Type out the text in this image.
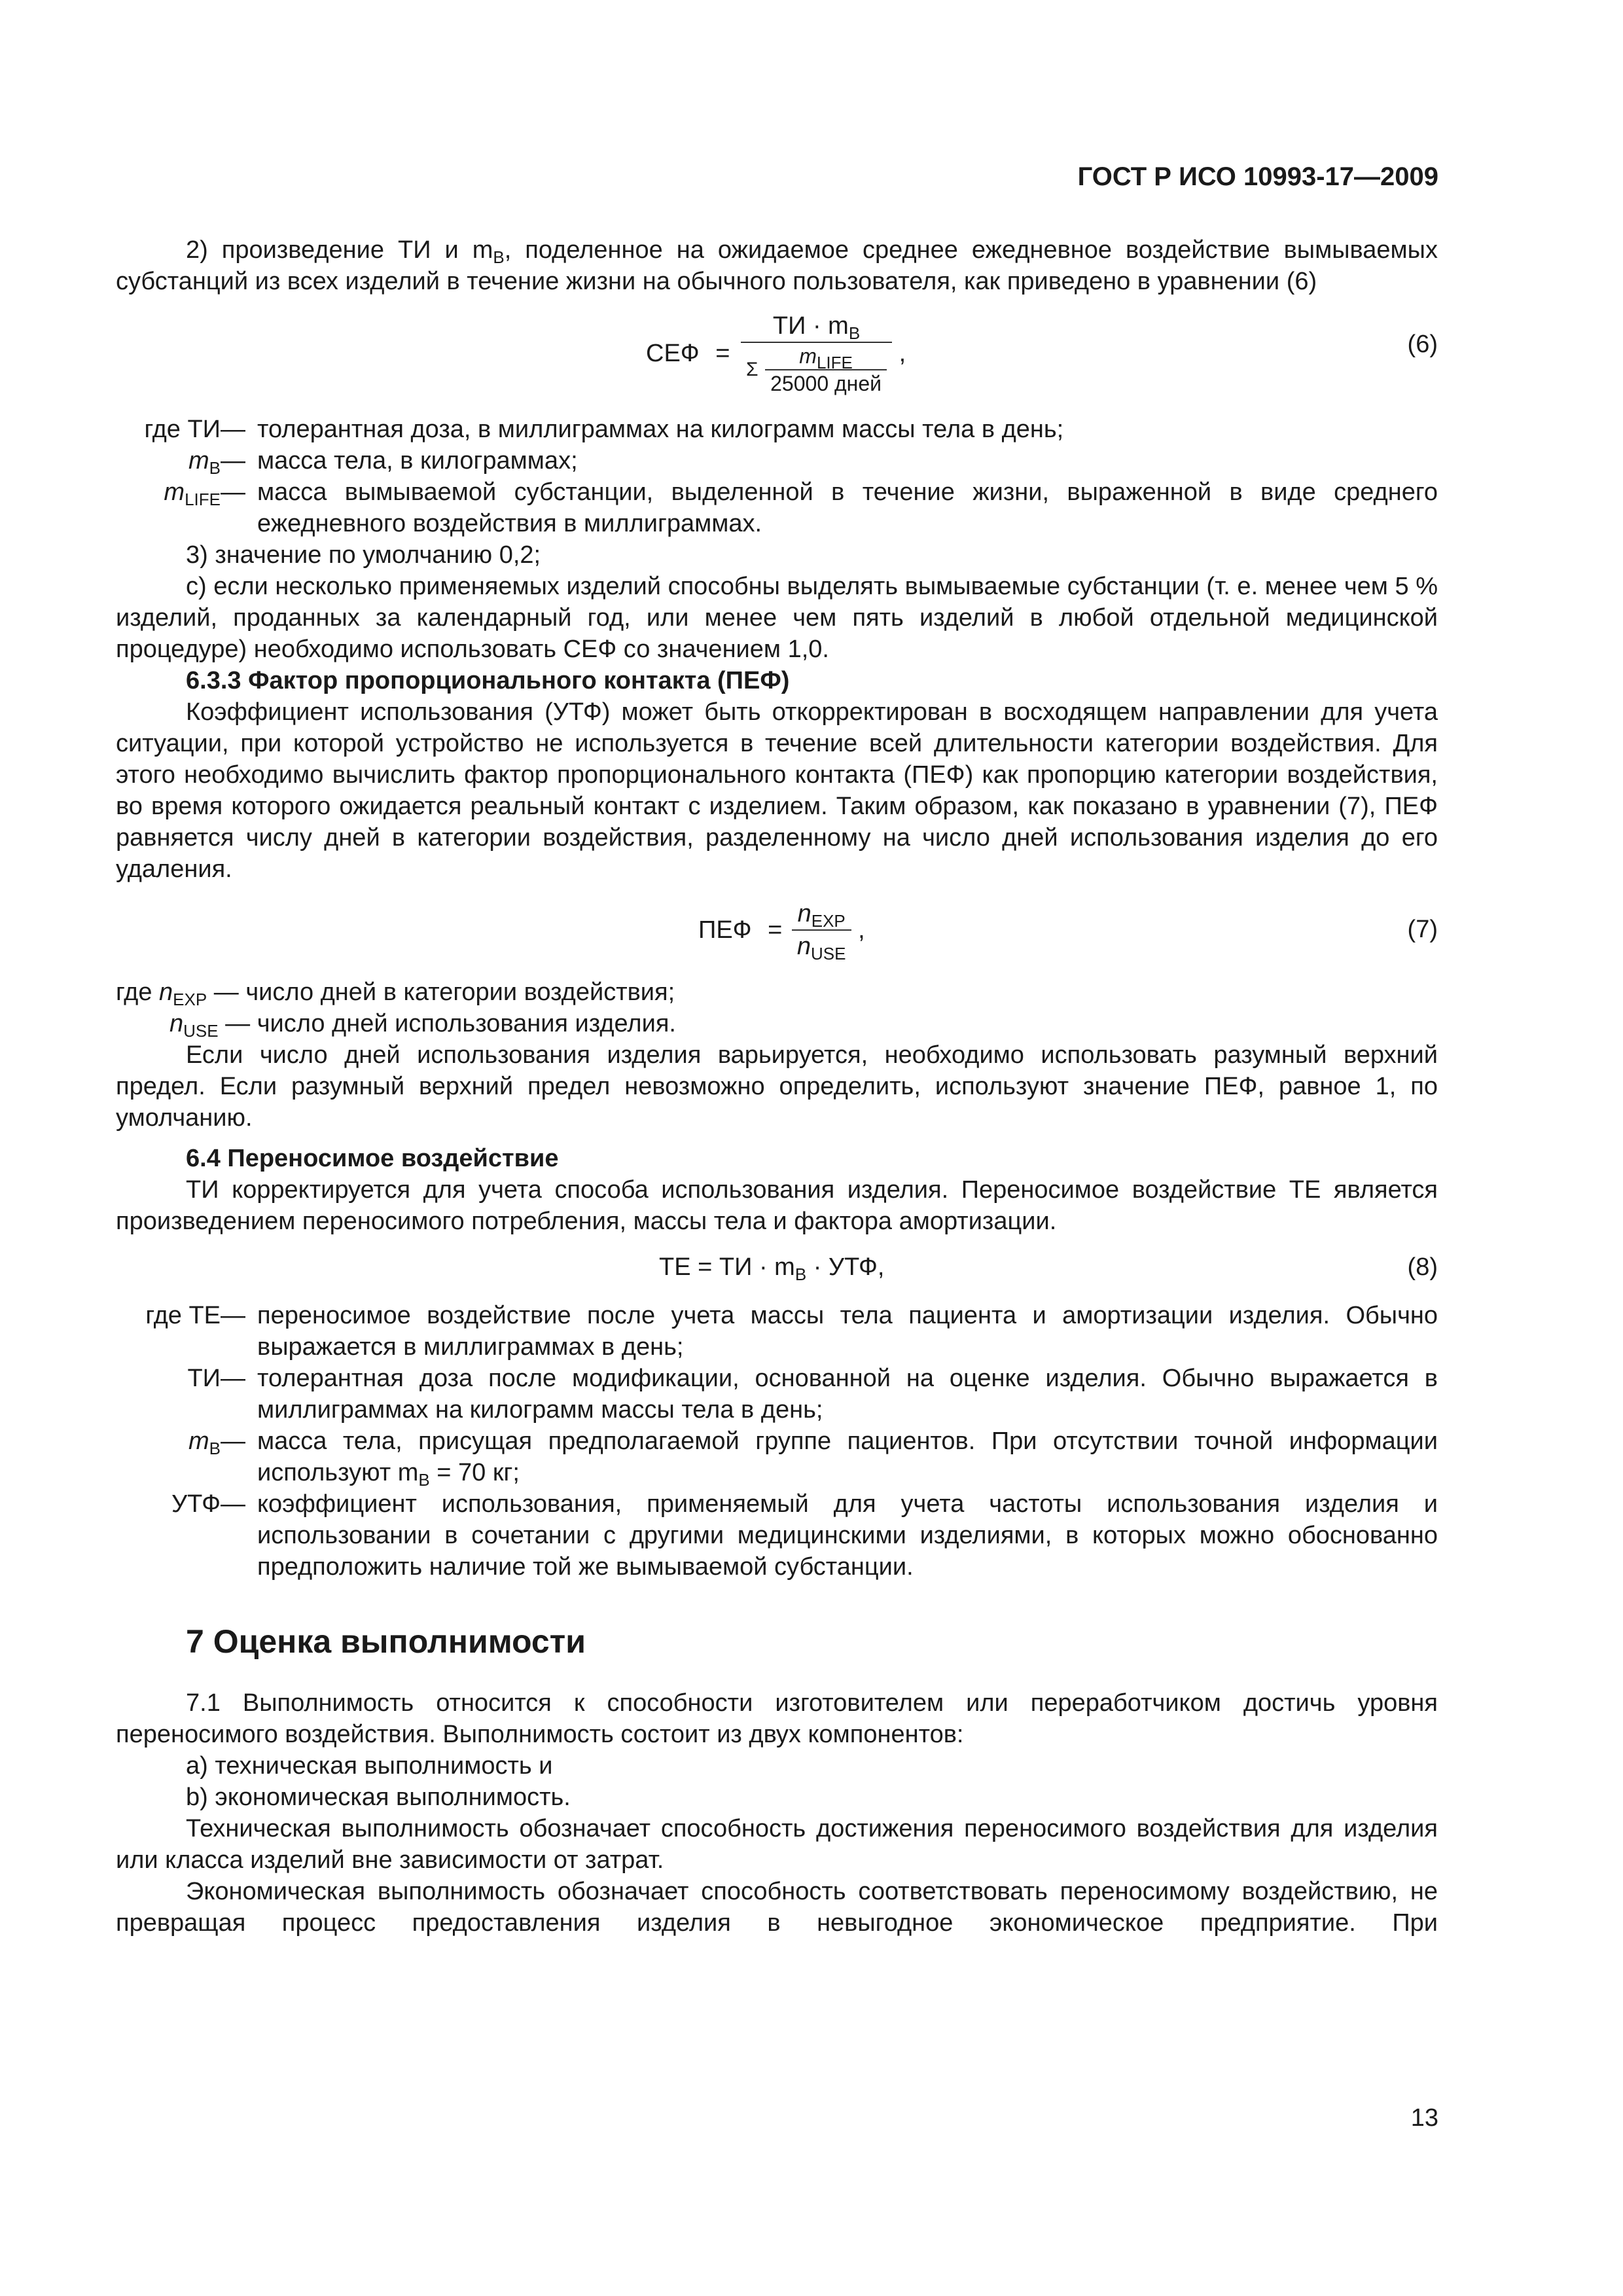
ГОСТ Р ИСО 10993-17—2009

2) произведение ТИ и $m_B$, поделенное на ожидаемое среднее ежедневное воздействие вымываемых субстанций из всех изделий в течение жизни на обычного пользователя, как приведено в уравнении (6)

СЕФ = $\frac{ТИ \cdot m_B}{\Sigma \frac{m_{LIFE}}{\text{25000 дней}}}$ ,	(6)
где ТИ	—	толерантная доза, в миллиграммах на килограмм массы тела в день;
$m_B$	—	масса тела, в килограммах;
$m_{LIFE}$	—	масса вымываемой субстанции, выделенной в течение жизни, выраженной в виде среднего ежедневного воздействия в миллиграммах.

3) значение по умолчанию 0,2;

с) если несколько применяемых изделий способны выделять вымываемые субстанции (т. е. менее чем 5 % изделий, проданных за календарный год, или менее чем пять изделий в любой отдельной медицинской процедуре) необходимо использовать СЕФ со значением 1,0.

6.3.3 Фактор пропорционального контакта (ПЕФ)

Коэффициент использования (УТФ) может быть откорректирован в восходящем направлении для учета ситуации, при которой устройство не используется в течение всей длительности категории воздействия. Для этого необходимо вычислить фактор пропорционального контакта (ПЕФ) как пропорцию категории воздействия, во время которого ожидается реальный контакт с изделием. Таким образом, как показано в уравнении (7), ПЕФ равняется числу дней в категории воздействия, разделенному на число дней использования изделия до его удаления.

ПЕФ = $\frac{n_{EXP}}{n_{USE}}$ ,	(7)

где $n_{EXP}$ — число дней в категории воздействия;

$n_{USE}$ — число дней использования изделия.

Если число дней использования изделия варьируется, необходимо использовать разумный верхний предел. Если разумный верхний предел невозможно определить, используют значение ПЕФ, равное 1, по умолчанию.

6.4 Переносимое воздействие

ТИ корректируется для учета способа использования изделия. Переносимое воздействие ТЕ является произведением переносимого потребления, массы тела и фактора амортизации.

ТЕ = ТИ · $m_B$ · УТФ,	(8)
где ТЕ	—	переносимое воздействие после учета массы тела пациента и амортизации изделия. Обычно выражается в миллиграммах в день;
ТИ	—	толерантная доза после модификации, основанной на оценке изделия. Обычно выражается в миллиграммах на килограмм массы тела в день;
$m_B$	—	масса тела, присущая предполагаемой группе пациентов. При отсутствии точной информации используют $m_B = 70$ кг;
УТФ	—	коэффициент использования, применяемый для учета частоты использования изделия и использовании в сочетании с другими медицинскими изделиями, в которых можно обоснованно предположить наличие той же вымываемой субстанции.

7 Оценка выполнимости

7.1 Выполнимость относится к способности изготовителем или переработчиком достичь уровня переносимого воздействия. Выполнимость состоит из двух компонентов:

a) техническая выполнимость и

b) экономическая выполнимость.

Техническая выполнимость обозначает способность достижения переносимого воздействия для изделия или класса изделий вне зависимости от затрат.

Экономическая выполнимость обозначает способность соответствовать переносимому воздействию, не превращая процесс предоставления изделия в невыгодное экономическое предприятие. При

13
